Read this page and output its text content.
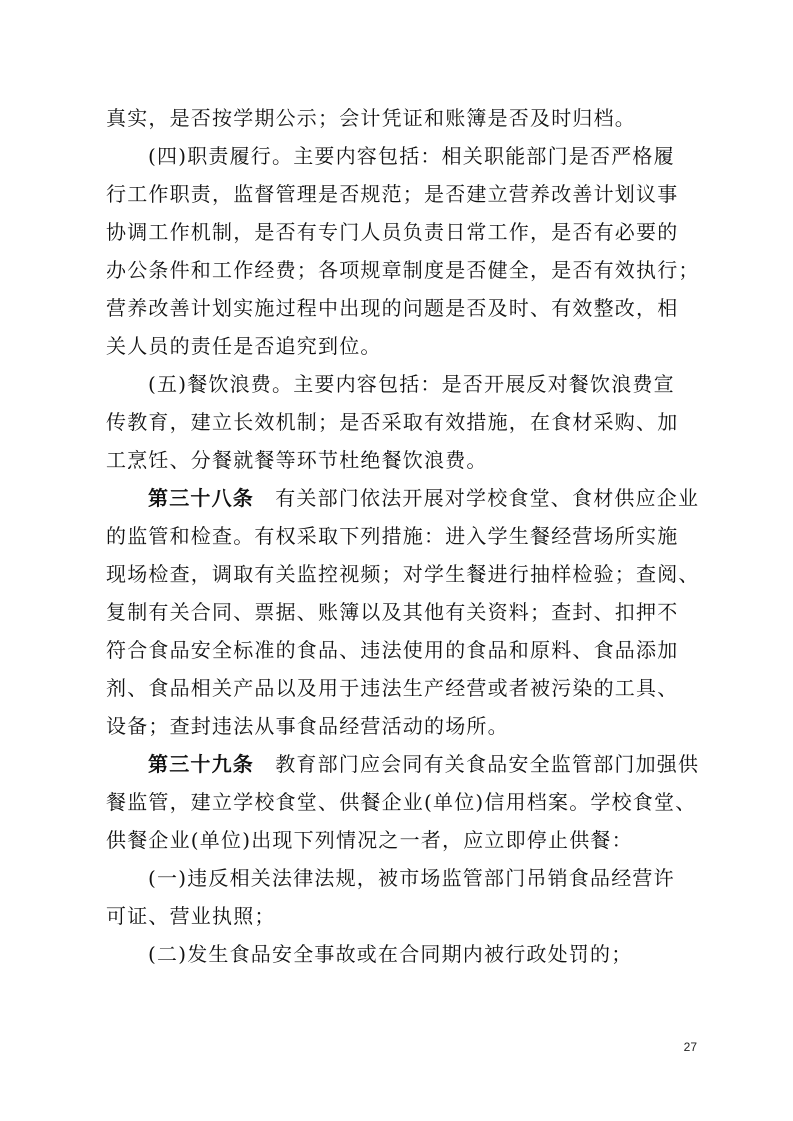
真实，是否按学期公示；会计凭证和账簿是否及时归档。

(四)职责履行。主要内容包括：相关职能部门是否严格履

行工作职责，监督管理是否规范；是否建立营养改善计划议事

协调工作机制，是否有专门人员负责日常工作，是否有必要的

办公条件和工作经费；各项规章制度是否健全，是否有效执行；

营养改善计划实施过程中出现的问题是否及时、有效整改，相

关人员的责任是否追究到位。

(五)餐饮浪费。主要内容包括：是否开展反对餐饮浪费宣

传教育，建立长效机制；是否采取有效措施，在食材采购、加

工烹饪、分餐就餐等环节杜绝餐饮浪费。

第三十八条　 有关部门依法开展对学校食堂、食材供应企业

的监管和检查。有权采取下列措施：进入学生餐经营场所实施

现场检查，调取有关监控视频；对学生餐进行抽样检验；查阅、

复制有关合同、票据、账簿以及其他有关资料；查封、扣押不

符合食品安全标准的食品、违法使用的食品和原料、食品添加

剂、食品相关产品以及用于违法生产经营或者被污染的工具、

设备；查封违法从事食品经营活动的场所。

第三十九条　 教育部门应会同有关食品安全监管部门加强供

餐监管，建立学校食堂、供餐企业(单位)信用档案。学校食堂、

供餐企业(单位)出现下列情况之一者，应立即停止供餐：

(一)违反相关法律法规，被市场监管部门吊销食品经营许

可证、营业执照；

(二)发生食品安全事故或在合同期内被行政处罚的；

27
